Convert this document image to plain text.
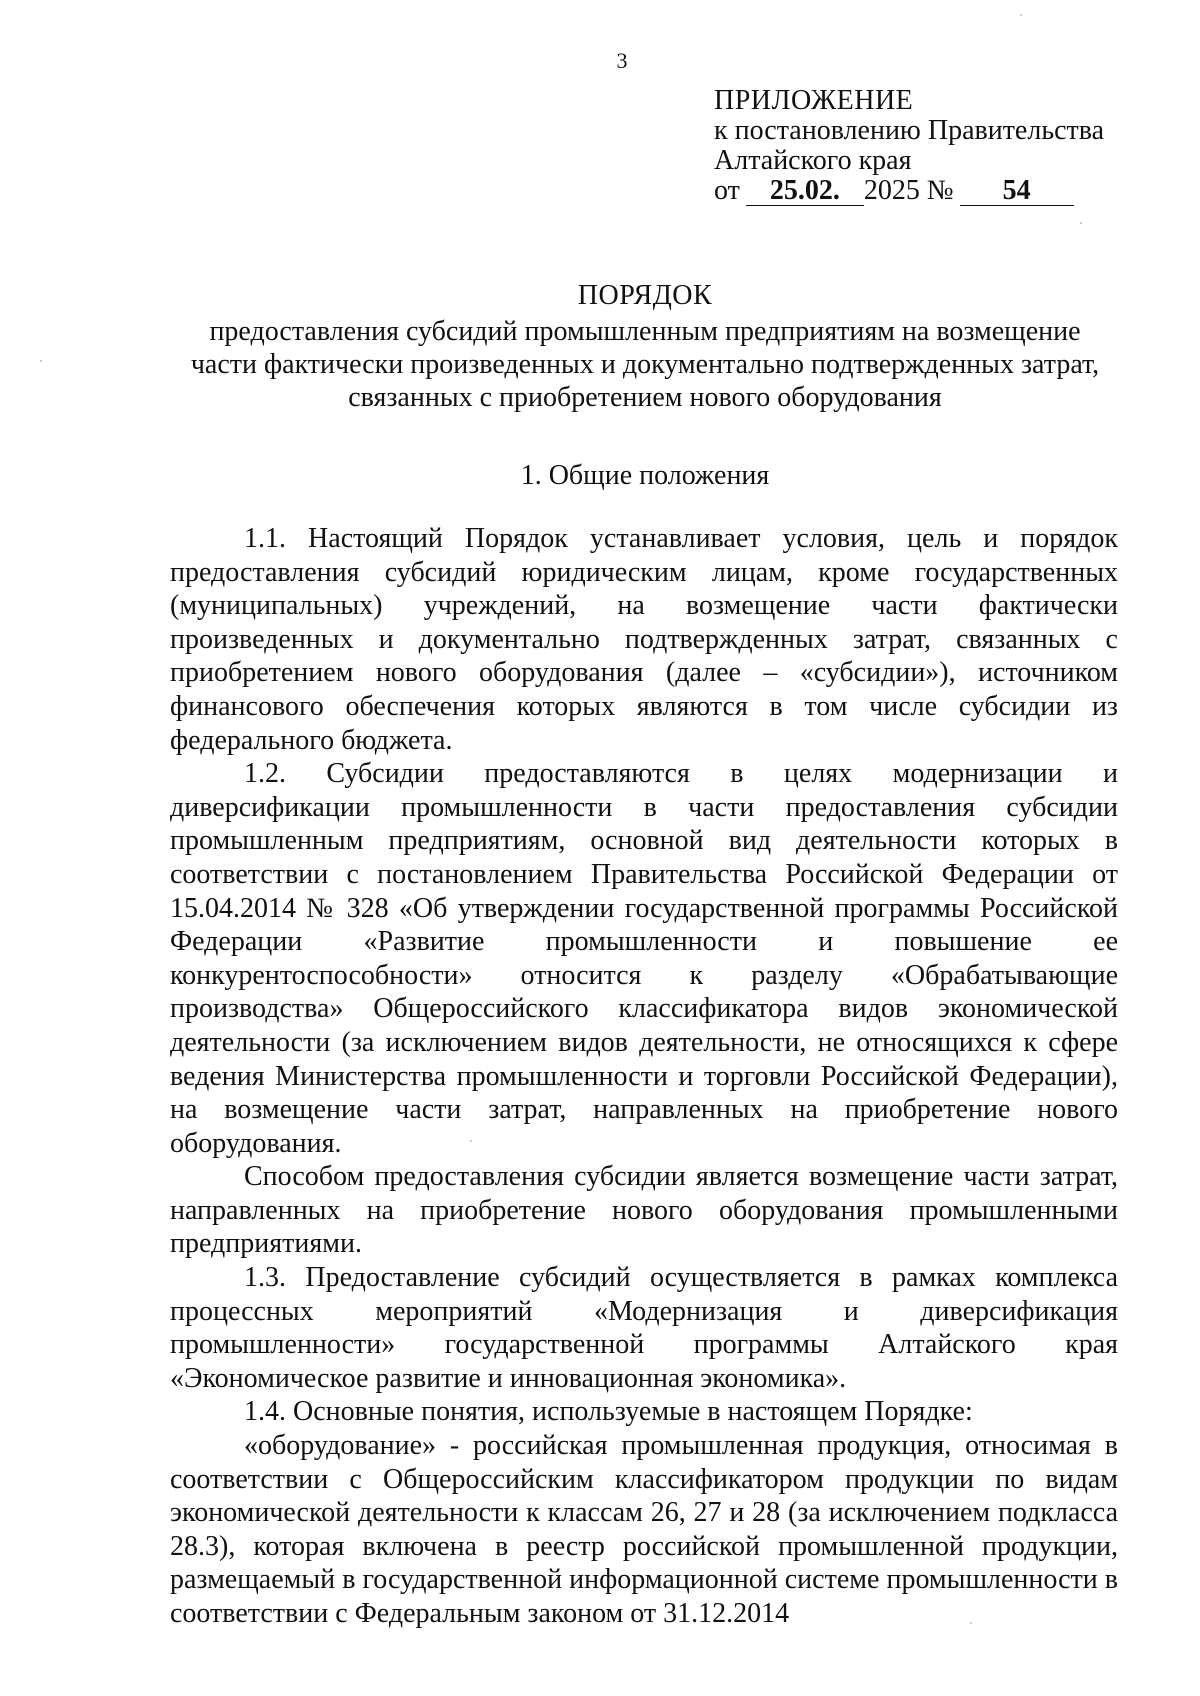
3
ПРИЛОЖЕНИЕ
к постановлению Правительства
Алтайского края
от 25.02. 2025 № 54
ПОРЯДОК
предоставления субсидий промышленным предприятиям на возмещение
части фактически произведенных и документально подтвержденных затрат,
связанных с приобретением нового оборудования
1. Общие положения

1.1. Настоящий Порядок устанавливает условия, цель и порядок предоставления субсидий юридическим лицам, кроме государственных (муниципальных) учреждений, на возмещение части фактически произведенных и документально подтвержденных затрат, связанных с приобретением нового оборудования (далее – «субсидии»), источником финансового обеспечения которых являются в том числе субсидии из федерального бюджета.

1.2. Субсидии предоставляются в целях модернизации и диверсификации промышленности в части предоставления субсидии промышленным предприятиям, основной вид деятельности которых в соответствии с постановлением Правительства Российской Федерации от 15.04.2014 № 328 «Об утверждении государственной программы Российской Федерации «Развитие промышленности и повышение ее конкурентоспособности» относится к разделу «Обрабатывающие производства» Общероссийского классификатора видов экономической деятельности (за исключением видов деятельности, не относящихся к сфере ведения Министерства промышленности и торговли Российской Федерации), на возмещение части затрат, направленных на приобретение нового оборудования.

Способом предоставления субсидии является возмещение части затрат, направленных на приобретение нового оборудования промышленными предприятиями.

1.3. Предоставление субсидий осуществляется в рамках комплекса процессных мероприятий «Модернизация и диверсификация промышленности» государственной программы Алтайского края «Экономическое развитие и инновационная экономика».

1.4. Основные понятия, используемые в настоящем Порядке:

«оборудование» - российская промышленная продукция, относимая в соответствии с Общероссийским классификатором продукции по видам экономической деятельности к классам 26, 27 и 28 (за исключением подкласса 28.3), которая включена в реестр российской промышленной продукции, размещаемый в государственной информационной системе промышленности в соответствии с Федеральным законом от 31.12.2014
